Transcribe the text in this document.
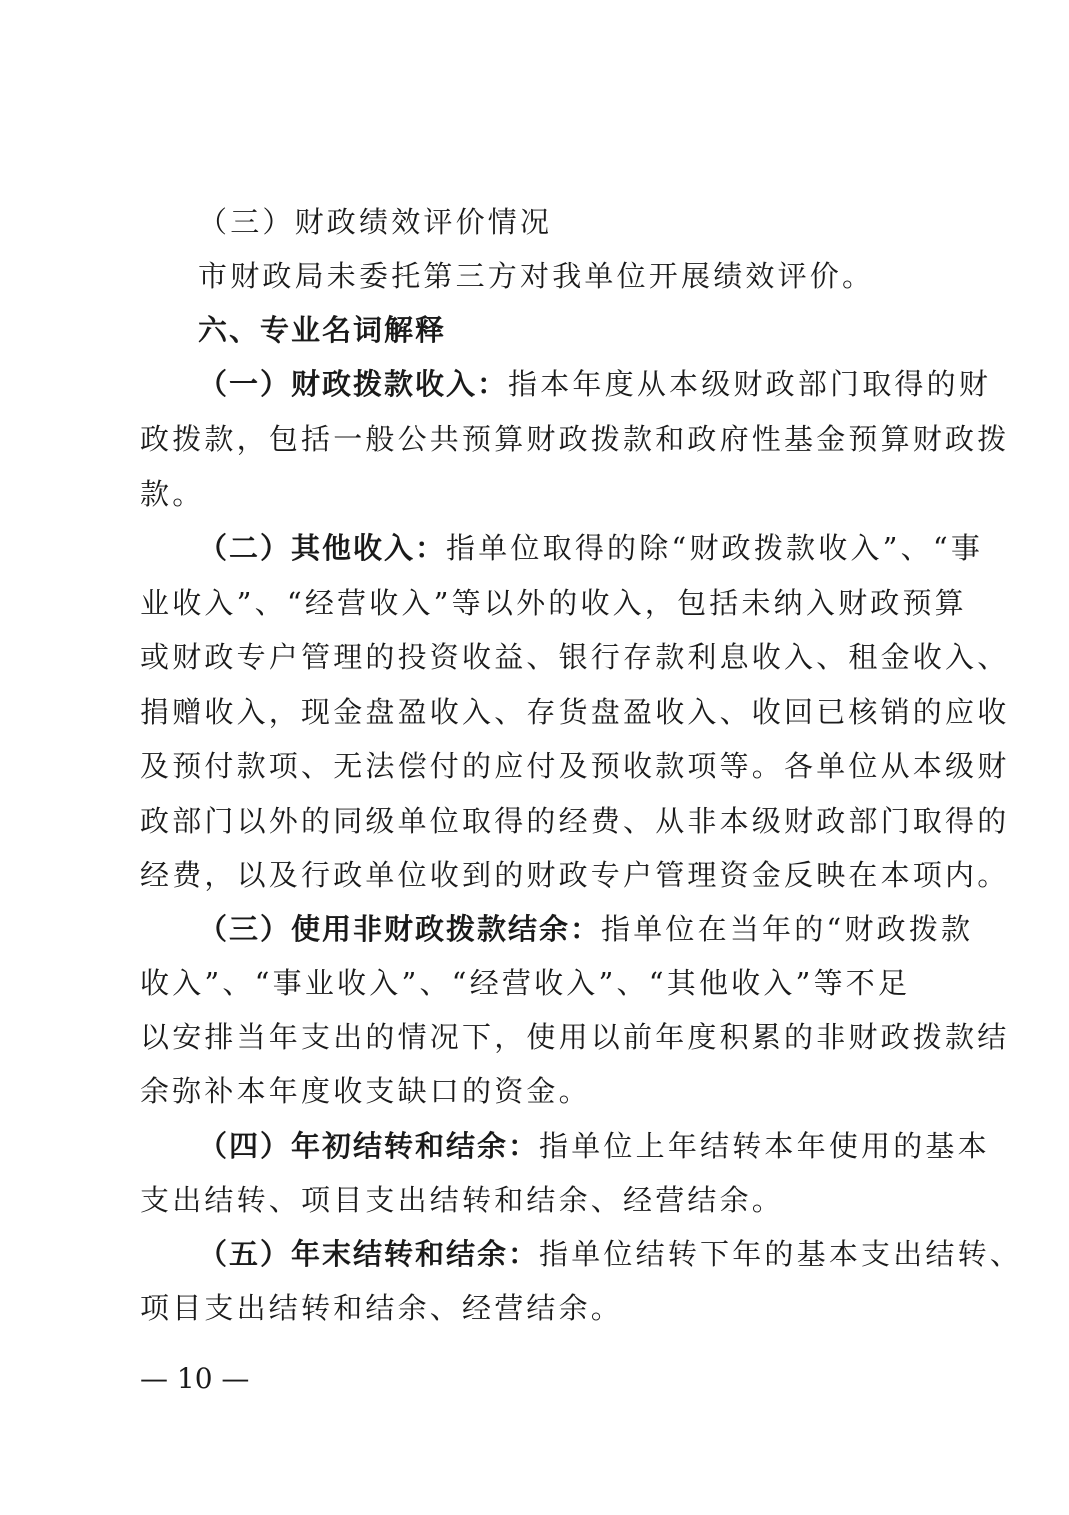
（三）财政绩效评价情况
市财政局未委托第三方对我单位开展绩效评价。
六、专业名词解释
（一）财政拨款收入：指本年度从本级财政部门取得的财
政拨款，包括一般公共预算财政拨款和政府性基金预算财政拨
款。
（二）其他收入：指单位取得的除“财政拨款收入”、“事
业收入”、“经营收入”等以外的收入，包括未纳入财政预算
或财政专户管理的投资收益、银行存款利息收入、租金收入、
捐赠收入，现金盘盈收入、存货盘盈收入、收回已核销的应收
及预付款项、无法偿付的应付及预收款项等。各单位从本级财
政部门以外的同级单位取得的经费、从非本级财政部门取得的
经费，以及行政单位收到的财政专户管理资金反映在本项内。
（三）使用非财政拨款结余：指单位在当年的“财政拨款
收入”、“事业收入”、“经营收入”、“其他收入”等不足
以安排当年支出的情况下，使用以前年度积累的非财政拨款结
余弥补本年度收支缺口的资金。
（四）年初结转和结余：指单位上年结转本年使用的基本
支出结转、项目支出结转和结余、经营结余。
（五）年末结转和结余：指单位结转下年的基本支出结转、
项目支出结转和结余、经营结余。
— 10 —
